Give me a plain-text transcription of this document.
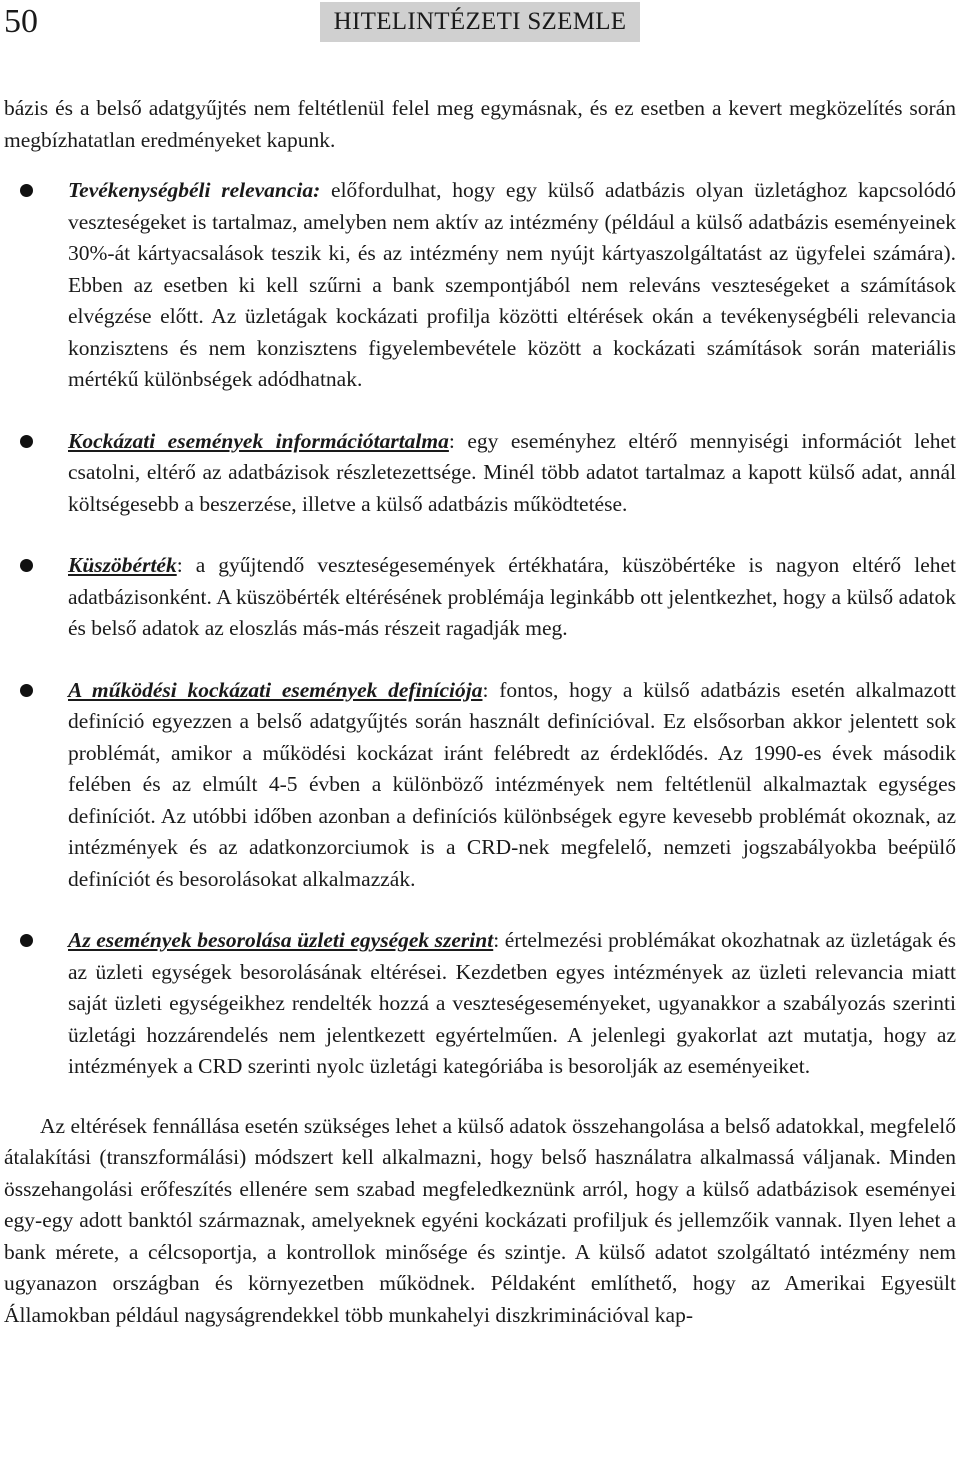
50	HITELINTÉZETI SZEMLE

bázis és a belső adatgyűjtés nem feltétlenül felel meg egymásnak, és ez esetben a kevert megközelítés során megbízhatatlan eredményeket kapunk.

Tevékenységbéli relevancia: előfordulhat, hogy egy külső adatbázis olyan üzletághoz kapcsolódó veszteségeket is tartalmaz, amelyben nem aktív az intézmény (például a külső adatbázis eseményeinek 30%-át kártyacsalások teszik ki, és az intézmény nem nyújt kártyaszolgáltatást az ügyfelei számára). Ebben az esetben ki kell szűrni a bank szempontjából nem releváns veszteségeket a számítások elvégzése előtt. Az üzletágak kockázati profilja közötti eltérések okán a tevékenységbéli relevancia konzisztens és nem konzisztens figyelembevétele között a kockázati számítások során materiális mértékű különbségek adódhatnak.

Kockázati események információtartalma: egy eseményhez eltérő mennyiségi információt lehet csatolni, eltérő az adatbázisok részletezettsége. Minél több adatot tartalmaz a kapott külső adat, annál költségesebb a beszerzése, illetve a külső adatbázis működtetése.

Küszöbérték: a gyűjtendő veszteségesemények értékhatára, küszöbértéke is nagyon eltérő lehet adatbázisonként. A küszöbérték eltérésének problémája leginkább ott jelentkezhet, hogy a külső adatok és belső adatok az eloszlás más-más részeit ragadják meg.

A működési kockázati események definíciója: fontos, hogy a külső adatbázis esetén alkalmazott definíció egyezzen a belső adatgyűjtés során használt definícióval. Ez elsősorban akkor jelentett sok problémát, amikor a működési kockázat iránt felébredt az érdeklődés. Az 1990-es évek második felében és az elmúlt 4-5 évben a különböző intézmények nem feltétlenül alkalmaztak egységes definíciót. Az utóbbi időben azonban a definíciós különbségek egyre kevesebb problémát okoznak, az intézmények és az adatkonzorciumok is a CRD-nek megfelelő, nemzeti jogszabályokba beépülő definíciót és besorolásokat alkalmazzák.

Az események besorolása üzleti egységek szerint: értelmezési problémákat okozhatnak az üzletágak és az üzleti egységek besorolásának eltérései. Kezdetben egyes intézmények az üzleti relevancia miatt saját üzleti egységeikhez rendelték hozzá a veszteségeseményeket, ugyanakkor a szabályozás szerinti üzletági hozzárendelés nem jelentkezett egyértelműen. A jelenlegi gyakorlat azt mutatja, hogy az intézmények a CRD szerinti nyolc üzletági kategóriába is besorolják az eseményeiket.

Az eltérések fennállása esetén szükséges lehet a külső adatok összehangolása a belső adatokkal, megfelelő átalakítási (transzformálási) módszert kell alkalmazni, hogy belső használatra alkalmassá váljanak. Minden összehangolási erőfeszítés ellenére sem szabad megfeledkeznünk arról, hogy a külső adatbázisok eseményei egy-egy adott banktól származnak, amelyeknek egyéni kockázati profiljuk és jellemzőik vannak. Ilyen lehet a bank mérete, a célcsoportja, a kontrollok minősége és szintje. A külső adatot szolgáltató intézmény nem ugyanazon országban és környezetben működnek. Példaként említhető, hogy az Amerikai Egyesült Államokban például nagyságrendekkel több munkahelyi diszkriminációval kap-
